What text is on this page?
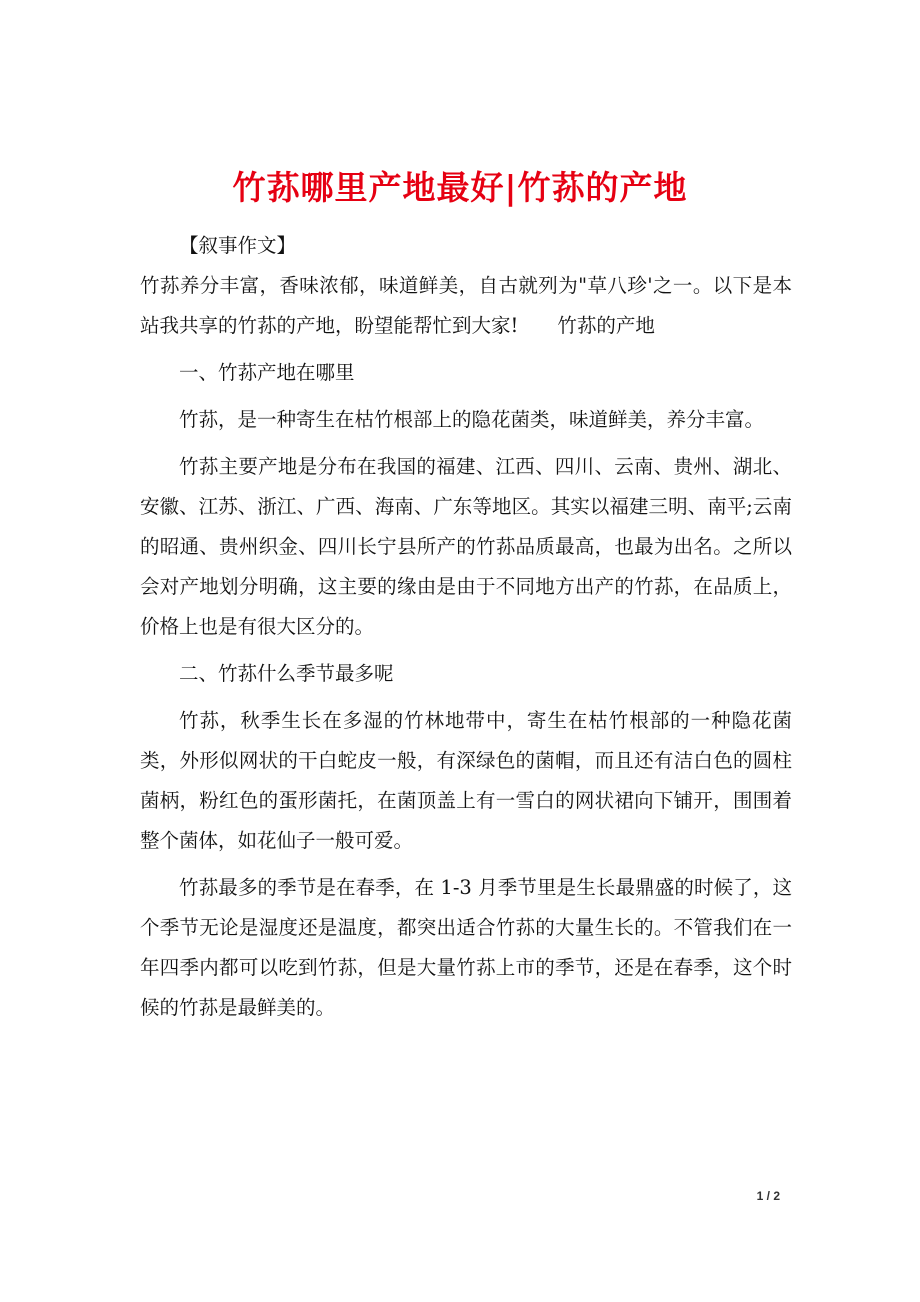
竹荪哪里产地最好|竹荪的产地

【叙事作文】

竹荪养分丰富，香味浓郁，味道鲜美，自古就列为"草八珍'之一。以下是本站我共享的竹荪的产地，盼望能帮忙到大家!　　竹荪的产地

一、竹荪产地在哪里

竹荪，是一种寄生在枯竹根部上的隐花菌类，味道鲜美，养分丰富。

竹荪主要产地是分布在我国的福建、江西、四川、云南、贵州、湖北、安徽、江苏、浙江、广西、海南、广东等地区。其实以福建三明、南平;云南的昭通、贵州织金、四川长宁县所产的竹荪品质最高，也最为出名。之所以会对产地划分明确，这主要的缘由是由于不同地方出产的竹荪，在品质上，价格上也是有很大区分的。

二、竹荪什么季节最多呢

竹荪，秋季生长在多湿的竹林地带中，寄生在枯竹根部的一种隐花菌类，外形似网状的干白蛇皮一般，有深绿色的菌帽，而且还有洁白色的圆柱菌柄，粉红色的蛋形菌托，在菌顶盖上有一雪白的网状裙向下铺开，围围着整个菌体，如花仙子一般可爱。

竹荪最多的季节是在春季，在 1-3 月季节里是生长最鼎盛的时候了，这个季节无论是湿度还是温度，都突出适合竹荪的大量生长的。不管我们在一年四季内都可以吃到竹荪，但是大量竹荪上市的季节，还是在春季，这个时候的竹荪是最鲜美的。

1 / 2
